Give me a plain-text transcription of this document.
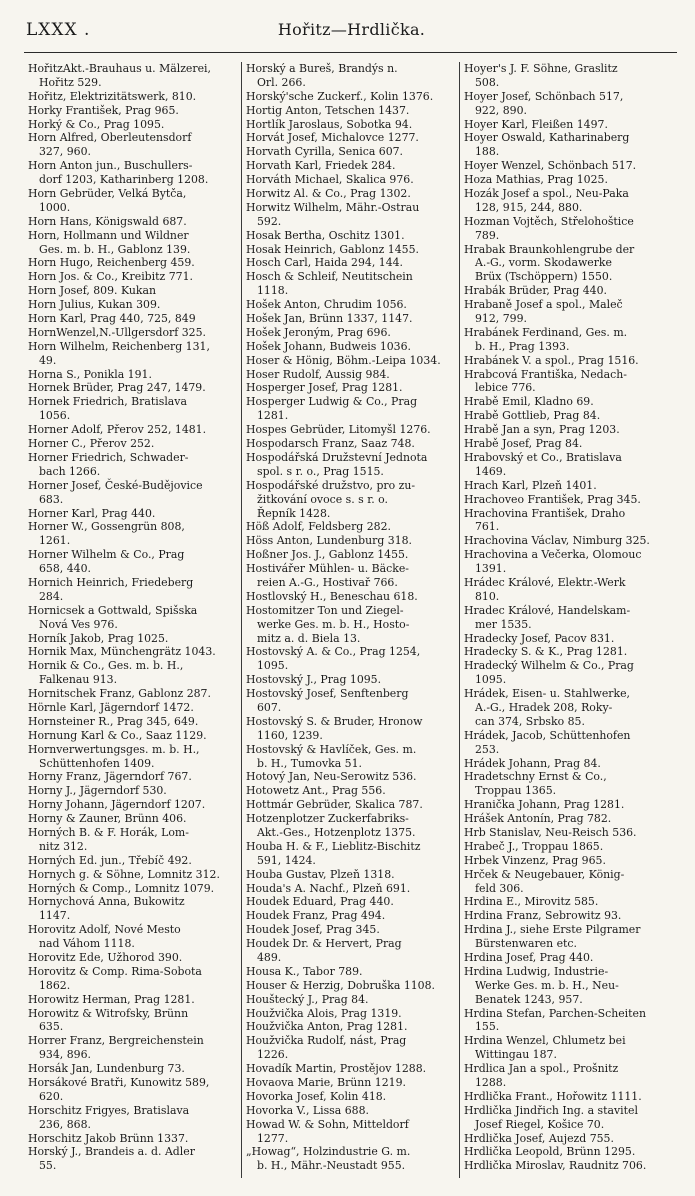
LXXX .	Hořitz—Hrdlička.
HořitzAkt.-Brauhaus u. Mälzerei,
Hořitz 529.
Hořitz, Elektrizitätswerk, 810.
Horky František, Prag 965.
Horký & Co., Prag 1095.
Horn Alfred, Oberleutensdorf
327, 960.
Horn Anton jun., Buschullers-
dorf 1203, Katharinberg 1208.
Horn Gebrüder, Velká Bytča,
1000.
Horn Hans, Königswald 687.
Horn, Hollmann und Wildner
Ges. m. b. H., Gablonz 139.
Horn Hugo, Reichenberg 459.
Horn Jos. & Co., Kreibitz 771.
Horn Josef, 809. Kukan
Horn Julius, Kukan 309.
Horn Karl, Prag 440, 725, 849
HornWenzel,N.-Ullgersdorf 325.
Horn Wilhelm, Reichenberg 131,
49.
Horna S., Ponikla 191.
Hornek Brüder, Prag 247, 1479.
Hornek Friedrich, Bratislava
1056.
Horner Adolf, Přerov 252, 1481.
Horner C., Přerov 252.
Horner Friedrich, Schwader-
bach 1266.
Horner Josef, České-Budějovice
683.
Horner Karl, Prag 440.
Horner W., Gossengrün 808,
1261.
Horner Wilhelm & Co., Prag
658, 440.
Hornich Heinrich, Friedeberg
284.
Hornicsek a Gottwald, Spišska
Nová Ves 976.
Horník Jakob, Prag 1025.
Hornik Max, Münchengrätz 1043.
Hornik & Co., Ges. m. b. H.,
Falkenau 913.
Hornitschek Franz, Gablonz 287.
Hörnle Karl, Jägerndorf 1472.
Hornsteiner R., Prag 345, 649.
Hornung Karl & Co., Saaz 1129.
Hornverwertungsges. m. b. H.,
Schüttenhofen 1409.
Horny Franz, Jägerndorf 767.
Horny J., Jägerndorf 530.
Horny Johann, Jägerndorf 1207.
Horny & Zauner, Brünn 406.
Horných B. & F. Horák, Lom-
nitz 312.
Horných Ed. jun., Třebíč 492.
Hornych g. & Söhne, Lomnitz 312.
Horných & Comp., Lomnitz 1079.
Hornychová Anna, Bukowitz
1147.
Horovitz Adolf, Nové Mesto
nad Váhom 1118.
Horovitz Ede, Užhorod 390.
Horovitz & Comp. Rima-Sobota
1862.
Horowitz Herman, Prag 1281.
Horowitz & Witrofsky, Brünn
635.
Horrer Franz, Bergreichenstein
934, 896.
Horsák Jan, Lundenburg 73.
Horsákové Bratři, Kunowitz 589,
620.
Horschitz Frigyes, Bratislava
236, 868.
Horschitz Jakob Brünn 1337.
Horský J., Brandeis a. d. Adler
55.
Horský a Bureš, Brandýs n.
Orl. 266.
Horský'sche Zuckerf., Kolin 1376.
Hortig Anton, Tetschen 1437.
Hortlík Jaroslaus, Sobotka 94.
Horvát Josef, Michalovce 1277.
Horvath Cyrilla, Senica 607.
Horvath Karl, Friedek 284.
Horváth Michael, Skalica 976.
Horwitz Al. & Co., Prag 1302.
Horwitz Wilhelm, Mähr.-Ostrau
592.
Hosak Bertha, Oschitz 1301.
Hosak Heinrich, Gablonz 1455.
Hosch Carl, Haida 294, 144.
Hosch & Schleif, Neutitschein
1118.
Hošek Anton, Chrudim 1056.
Hošek Jan, Brünn 1337, 1147.
Hošek Jeroným, Prag 696.
Hošek Johann, Budweis 1036.
Hoser & Hönig, Böhm.-Leipa 1034.
Hoser Rudolf, Aussig 984.
Hosperger Josef, Prag 1281.
Hosperger Ludwig & Co., Prag
1281.
Hospes Gebrüder, Litomyšl 1276.
Hospodarsch Franz, Saaz 748.
Hospodářská Družstevní Jednota
spol. s r. o., Prag 1515.
Hospodářské družstvo, pro zu-
žitkování ovoce s. s r. o.
Řepník 1428.
Höß Adolf, Feldsberg 282.
Höss Anton, Lundenburg 318.
Hoßner Jos. J., Gablonz 1455.
Hostivářer Mühlen- u. Bäcke-
reien A.-G., Hostivař 766.
Hostlovský H., Beneschau 618.
Hostomitzer Ton und Ziegel-
werke Ges. m. b. H., Hosto-
mitz a. d. Biela 13.
Hostovský A. & Co., Prag 1254,
1095.
Hostovský J., Prag 1095.
Hostovský Josef, Senftenberg
607.
Hostovský S. & Bruder, Hronow
1160, 1239.
Hostovský & Havlíček, Ges. m.
b. H., Tumovka 51.
Hotový Jan, Neu-Serowitz 536.
Hotowetz Ant., Prag 556.
Hottmár Gebrüder, Skalica 787.
Hotzenplotzer Zuckerfabriks-
Akt.-Ges., Hotzenplotz 1375.
Houba H. & F., Lieblitz-Bischitz
591, 1424.
Houba Gustav, Plzeň 1318.
Houda's A. Nachf., Plzeň 691.
Houdek Eduard, Prag 440.
Houdek Franz, Prag 494.
Houdek Josef, Prag 345.
Houdek Dr. & Hervert, Prag
489.
Housa K., Tabor 789.
Houser & Herzig, Dobruška 1108.
Houštecký J., Prag 84.
Houžvička Alois, Prag 1319.
Houžvička Anton, Prag 1281.
Houžvička Rudolf, nást, Prag
1226.
Hovadík Martin, Prostějov 1288.
Hovaova Marie, Brünn 1219.
Hovorka Josef, Kolin 418.
Hovorka V., Lissa 688.
Howad W. & Sohn, Mitteldorf
1277.
„Howag“, Holzindustrie G. m.
b. H., Mähr.-Neustadt 955.
Hoyer's J. F. Söhne, Graslitz
508.
Hoyer Josef, Schönbach 517,
922, 890.
Hoyer Karl, Fleißen 1497.
Hoyer Oswald, Katharinaberg
188.
Hoyer Wenzel, Schönbach 517.
Hoza Mathias, Prag 1025.
Hozák Josef a spol., Neu-Paka
128, 915, 244, 880.
Hozman Vojtěch, Střelohoštice
789.
Hrabak Braunkohlengrube der
A.-G., vorm. Skodawerke
Brüx (Tschöppern) 1550.
Hrabák Brüder, Prag 440.
Hrabaně Josef a spol., Maleč
912, 799.
Hrabánek Ferdinand, Ges. m.
b. H., Prag 1393.
Hrabánek V. a spol., Prag 1516.
Hrabcová Františka, Nedach-
lebice 776.
Hrabě Emil, Kladno 69.
Hrabě Gottlieb, Prag 84.
Hrabě Jan a syn, Prag 1203.
Hrabě Josef, Prag 84.
Hrabovský et Co., Bratislava
1469.
Hrach Karl, Plzeň 1401.
Hrachoveo František, Prag 345.
Hrachovina František, Draho
761.
Hrachovina Václav, Nimburg 325.
Hrachovina a Večerka, Olomouc
1391.
Hrádec Králové, Elektr.-Werk
810.
Hradec Králové, Handelskam-
mer 1535.
Hradecky Josef, Pacov 831.
Hradecky S. & K., Prag 1281.
Hradecký Wilhelm & Co., Prag
1095.
Hrádek, Eisen- u. Stahlwerke,
A.-G., Hradek 208, Roky-
can 374, Srbsko 85.
Hrádek, Jacob, Schüttenhofen
253.
Hrádek Johann, Prag 84.
Hradetschny Ernst & Co.,
Troppau 1365.
Hranička Johann, Prag 1281.
Hrášek Antonín, Prag 782.
Hrb Stanislav, Neu-Reisch 536.
Hrabeč J., Troppau 1865.
Hrbek Vinzenz, Prag 965.
Hrček & Neugebauer, König-
feld 306.
Hrdina E., Mirovitz 585.
Hrdina Franz, Sebrowitz 93.
Hrdina J., siehe Erste Pilgramer
Bürstenwaren etc.
Hrdina Josef, Prag 440.
Hrdina Ludwig, Industrie-
Werke Ges. m. b. H., Neu-
Benatek 1243, 957.
Hrdina Stefan, Parchen-Scheiten
155.
Hrdina Wenzel, Chlumetz bei
Wittingau 187.
Hrdlica Jan a spol., Prošnitz
1288.
Hrdlička Frant., Hořowitz 1111.
Hrdlička Jindřich Ing. a stavitel
Josef Riegel, Košice 70.
Hrdlička Josef, Aujezd 755.
Hrdlička Leopold, Brünn 1295.
Hrdlička Miroslav, Raudnitz 706.
